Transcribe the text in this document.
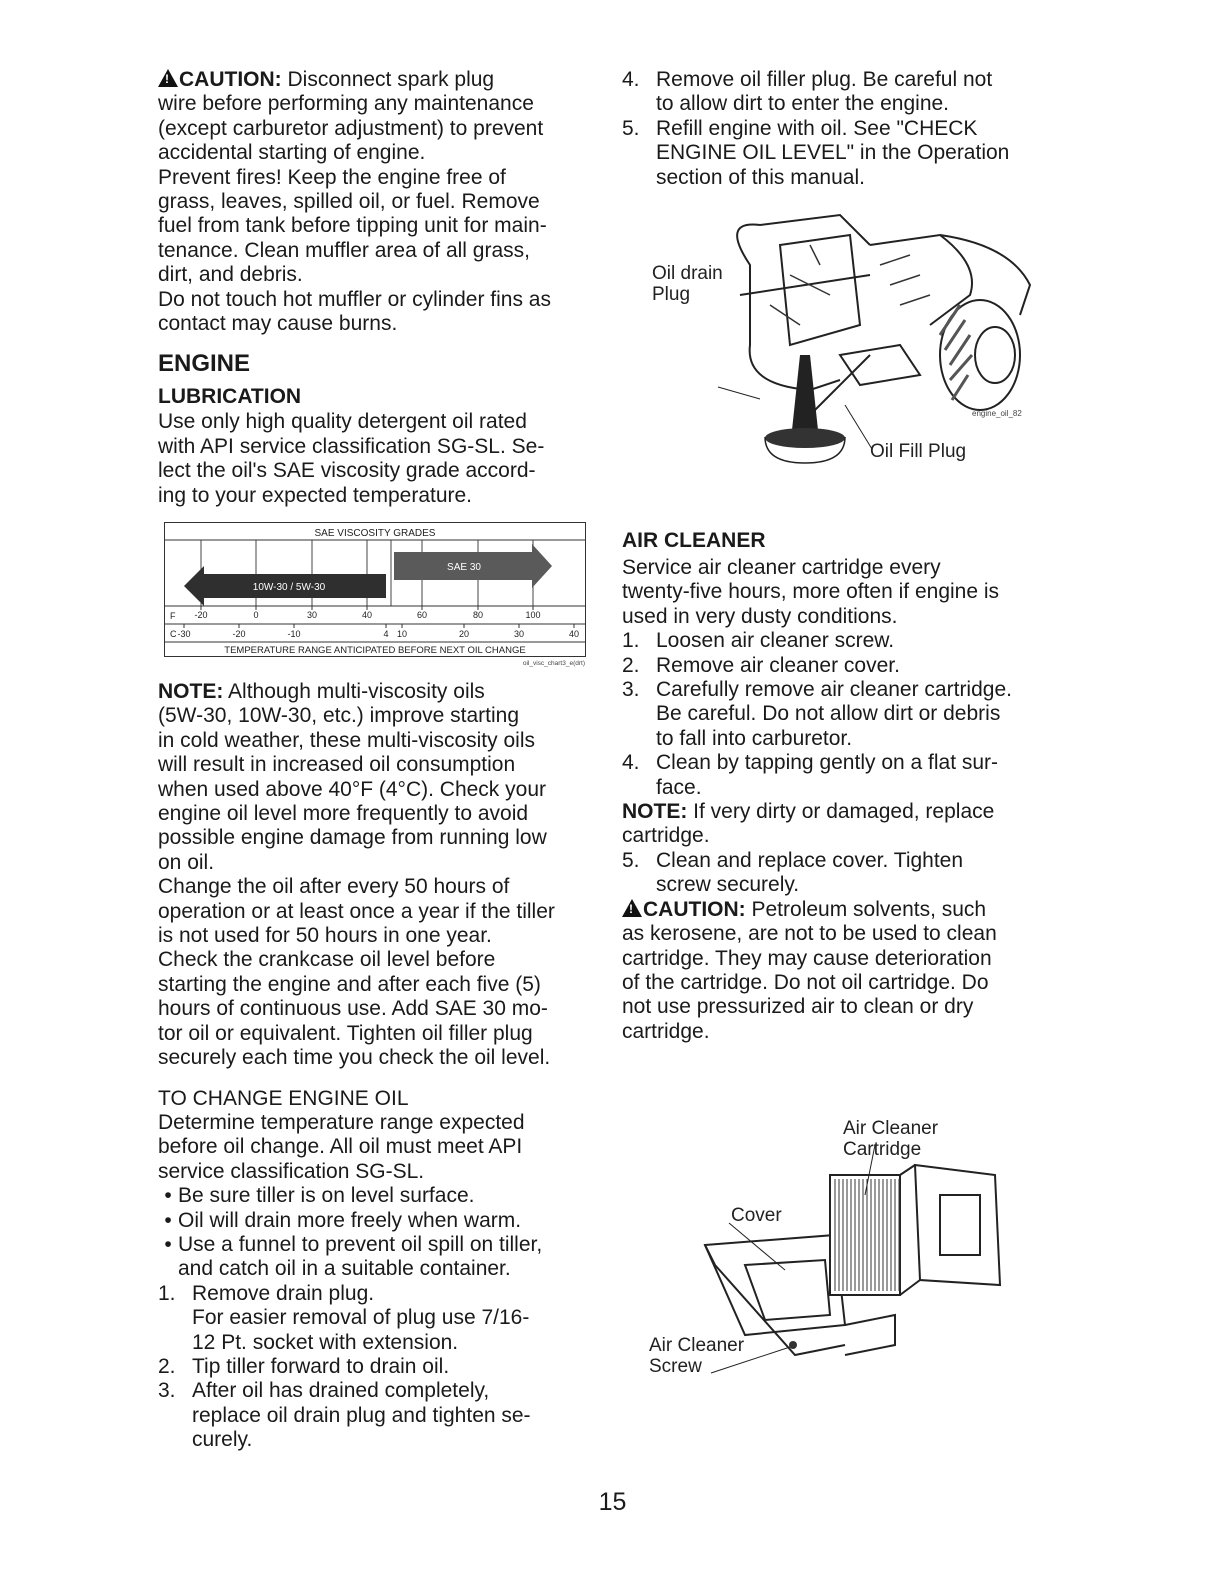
!CAUTION: Disconnect spark plug

wire before performing any maintenance

(except carburetor adjustment) to prevent

accidental starting of engine.

Prevent fires! Keep the engine free of

grass, leaves, spilled oil, or fuel. Remove

fuel from tank before tipping unit for main-

tenance. Clean muffler area of all grass,

dirt, and debris.

Do not touch hot muffler or cylinder fins as

contact may cause burns.

ENGINE

LUBRICATION

Use only high quality detergent oil rated

with API service classification SG-SL. Se-

lect the oil's SAE viscosity grade accord-

ing to your expected temperature.

SAE VISCOSITY GRADES
SAE 30
10W-30 / 5W-30
F
C
-20	0	30	40	60	80	100
-30	-20	-10	4 10	20	30	40
TEMPERATURE RANGE ANTICIPATED BEFORE NEXT OIL CHANGE
oil_visc_chart3_e(drt)

NOTE: Although multi-viscosity oils

(5W-30, 10W-30, etc.) improve starting

in cold weather, these multi-viscosity oils

will result in increased oil consumption

when used above 40°F (4°C). Check your

engine oil level more frequently to avoid

possible engine damage from running low

on oil.

Change the oil after every 50 hours of

operation or at least once a year if the tiller

is not used for 50 hours in one year.

Check the crankcase oil level before

starting the engine and after each five (5)

hours of continuous use. Add SAE 30 mo-

tor oil or equivalent. Tighten oil filler plug

securely each time you check the oil level.

TO CHANGE ENGINE OIL

Determine temperature range expected

before oil change. All oil must meet API

service classification SG-SL.

• Be sure tiller is on level surface.
• Oil will drain more freely when warm.
• Use a funnel to prevent oil spill on tiller,
and catch oil in a suitable container.
1. Remove drain plug.
For easier removal of plug use 7/16-
12 Pt. socket with extension.
2. Tip tiller forward to drain oil.
3. After oil has drained completely,
replace oil drain plug and tighten se-
curely.
4. Remove oil filler plug. Be careful not
to allow dirt to enter the engine.
5. Refill engine with oil. See "CHECK
ENGINE OIL LEVEL" in the Operation
section of this manual.
Oil drain
Plug
Oil Fill Plug
engine_oil_82

AIR CLEANER

Service air cleaner cartridge every

twenty-five hours, more often if engine is

used in very dusty conditions.

1. Loosen air cleaner screw.
2. Remove air cleaner cover.
3. Carefully remove air cleaner cartridge.
Be careful. Do not allow dirt or debris
to fall into carburetor.
4. Clean by tapping gently on a flat sur-
face.

NOTE: If very dirty or damaged, replace

cartridge.

5. Clean and replace cover. Tighten
screw securely.

!CAUTION: Petroleum solvents, such

as kerosene, are not to be used to clean

cartridge. They may cause deterioration

of the cartridge. Do not oil cartridge. Do

not use pressurized air to clean or dry

cartridge.

Air Cleaner
Cartridge
Cover
Air Cleaner
Screw
15
